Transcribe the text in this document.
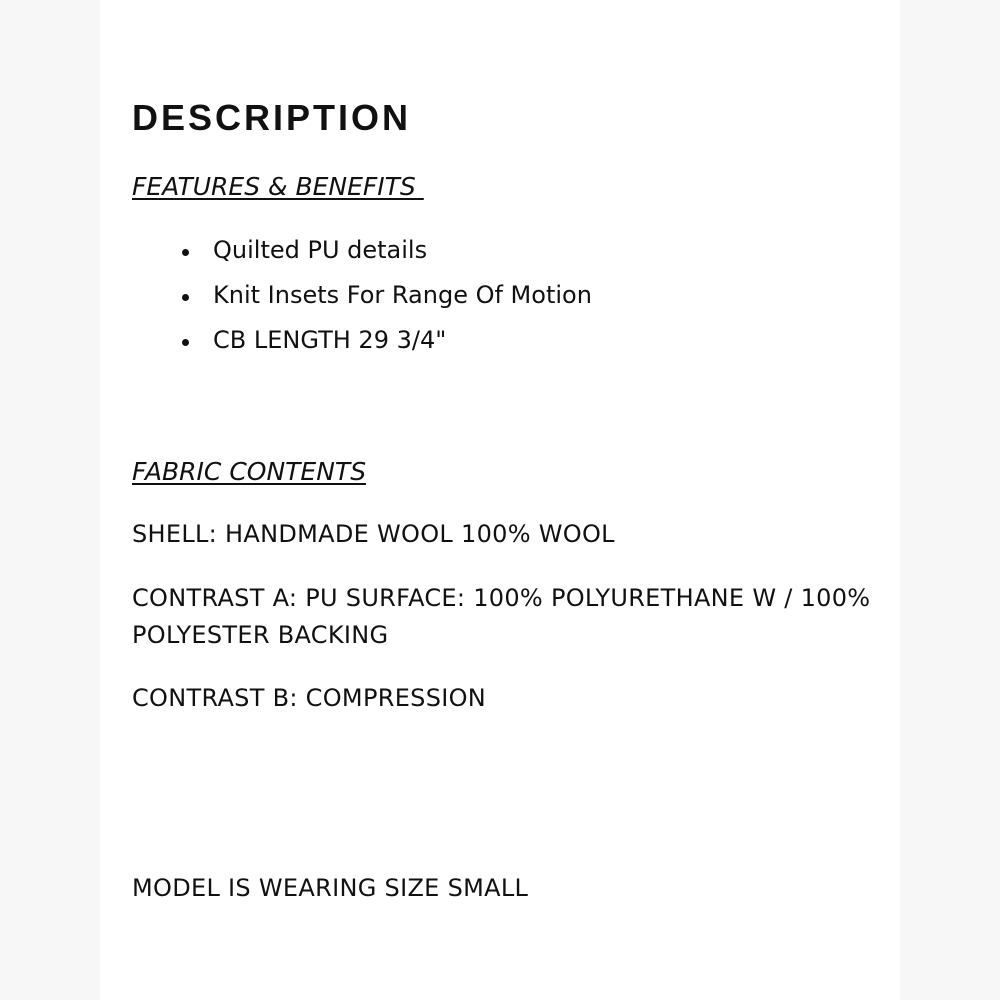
DESCRIPTION
FEATURES & BENEFITS
Quilted PU details
Knit Insets For Range Of Motion
CB LENGTH 29 3/4"
FABRIC CONTENTS

SHELL: HANDMADE WOOL 100% WOOL

CONTRAST A: PU SURFACE: 100% POLYURETHANE W / 100% POLYESTER BACKING

CONTRAST B: COMPRESSION

MODEL IS WEARING SIZE SMALL
